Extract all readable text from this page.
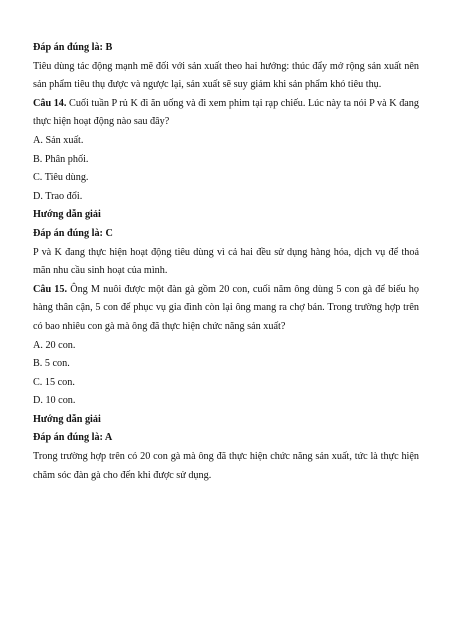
Đáp án đúng là: B

Tiêu dùng tác động mạnh mẽ đối với sản xuất theo hai hướng: thúc đẩy mở rộng sản xuất nên sản phẩm tiêu thụ được và ngược lại, sản xuất sẽ suy giảm khi sản phẩm khó tiêu thụ.

Câu 14. Cuối tuần P rủ K đi ăn uống và đi xem phim tại rạp chiếu. Lúc này ta nói P và K đang thực hiện hoạt động nào sau đây?

A. Sản xuất.

B. Phân phối.

C. Tiêu dùng.

D. Trao đổi.

Hướng dẫn giải

Đáp án đúng là: C

P và K đang thực hiện hoạt động tiêu dùng vì cả hai đều sử dụng hàng hóa, dịch vụ để thoả mãn nhu cầu sinh hoạt của mình.

Câu 15. Ông M nuôi được một đàn gà gồm 20 con, cuối năm ông dùng 5 con gà để biếu họ hàng thân cận, 5 con để phục vụ gia đình còn lại ông mang ra chợ bán. Trong trường hợp trên có bao nhiêu con gà mà ông đã thực hiện chức năng sản xuất?

A. 20 con.

B. 5 con.

C. 15 con.

D. 10 con.

Hướng dẫn giải

Đáp án đúng là: A

Trong trường hợp trên có 20 con gà mà ông đã thực hiện chức năng sản xuất, tức là thực hiện chăm sóc đàn gà cho đến khi được sử dụng.
